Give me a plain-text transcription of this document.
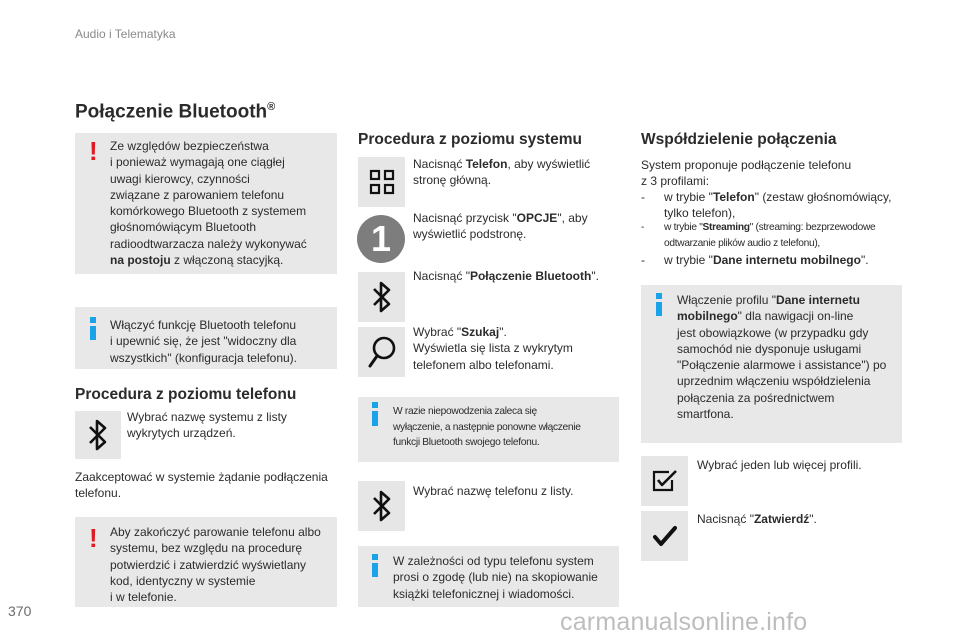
Audio i Telematyka
Połączenie Bluetooth®
! Ze względów bezpieczeństwa
i ponieważ wymagają one ciągłej
uwagi kierowcy, czynności
związane z parowaniem telefonu
komórkowego Bluetooth z systemem
głośnomówiącym Bluetooth
radioodtwarzacza należy wykonywać
na postoju z włączoną stacyjką.
Włączyć funkcję Bluetooth telefonu
i upewnić się, że jest "widoczny dla
wszystkich" (konfiguracja telefonu).
Procedura z poziomu telefonu
Wybrać nazwę systemu z listy
wykrytych urządzeń.
Zaakceptować w systemie żądanie podłączenia
telefonu.
! Aby zakończyć parowanie telefonu albo
systemu, bez względu na procedurę
potwierdzić i zatwierdzić wyświetlany
kod, identyczny w systemie
i w telefonie.
Procedura z poziomu systemu
Nacisnąć Telefon, aby wyświetlić
stronę główną.
1	Nacisnąć przycisk "OPCJE", aby
wyświetlić podstronę.
Nacisnąć "Połączenie Bluetooth".
Wybrać "Szukaj".
Wyświetla się lista z wykrytym
telefonem albo telefonami.
W razie niepowodzenia zaleca się
wyłączenie, a następnie ponowne włączenie
funkcji Bluetooth swojego telefonu.
Wybrać nazwę telefonu z listy.
W zależności od typu telefonu system
prosi o zgodę (lub nie) na skopiowanie
książki telefonicznej i wiadomości.
Współdzielenie połączenia
System proponuje podłączenie telefonu
z 3 profilami:
-	w trybie "Telefon" (zestaw głośnomówiący,
tylko telefon),
-	w trybie "Streaming" (streaming: bezprzewodowe
odtwarzanie plików audio z telefonu),
-	w trybie "Dane internetu mobilnego".
Włączenie profilu "Dane internetu
mobilnego" dla nawigacji on-line
jest obowiązkowe (w przypadku gdy
samochód nie dysponuje usługami
"Połączenie alarmowe i assistance") po
uprzednim włączeniu współdzielenia
połączenia za pośrednictwem
smartfona.
Wybrać jeden lub więcej profili.
Nacisnąć "Zatwierdź".
370	carmanualsonline.info
